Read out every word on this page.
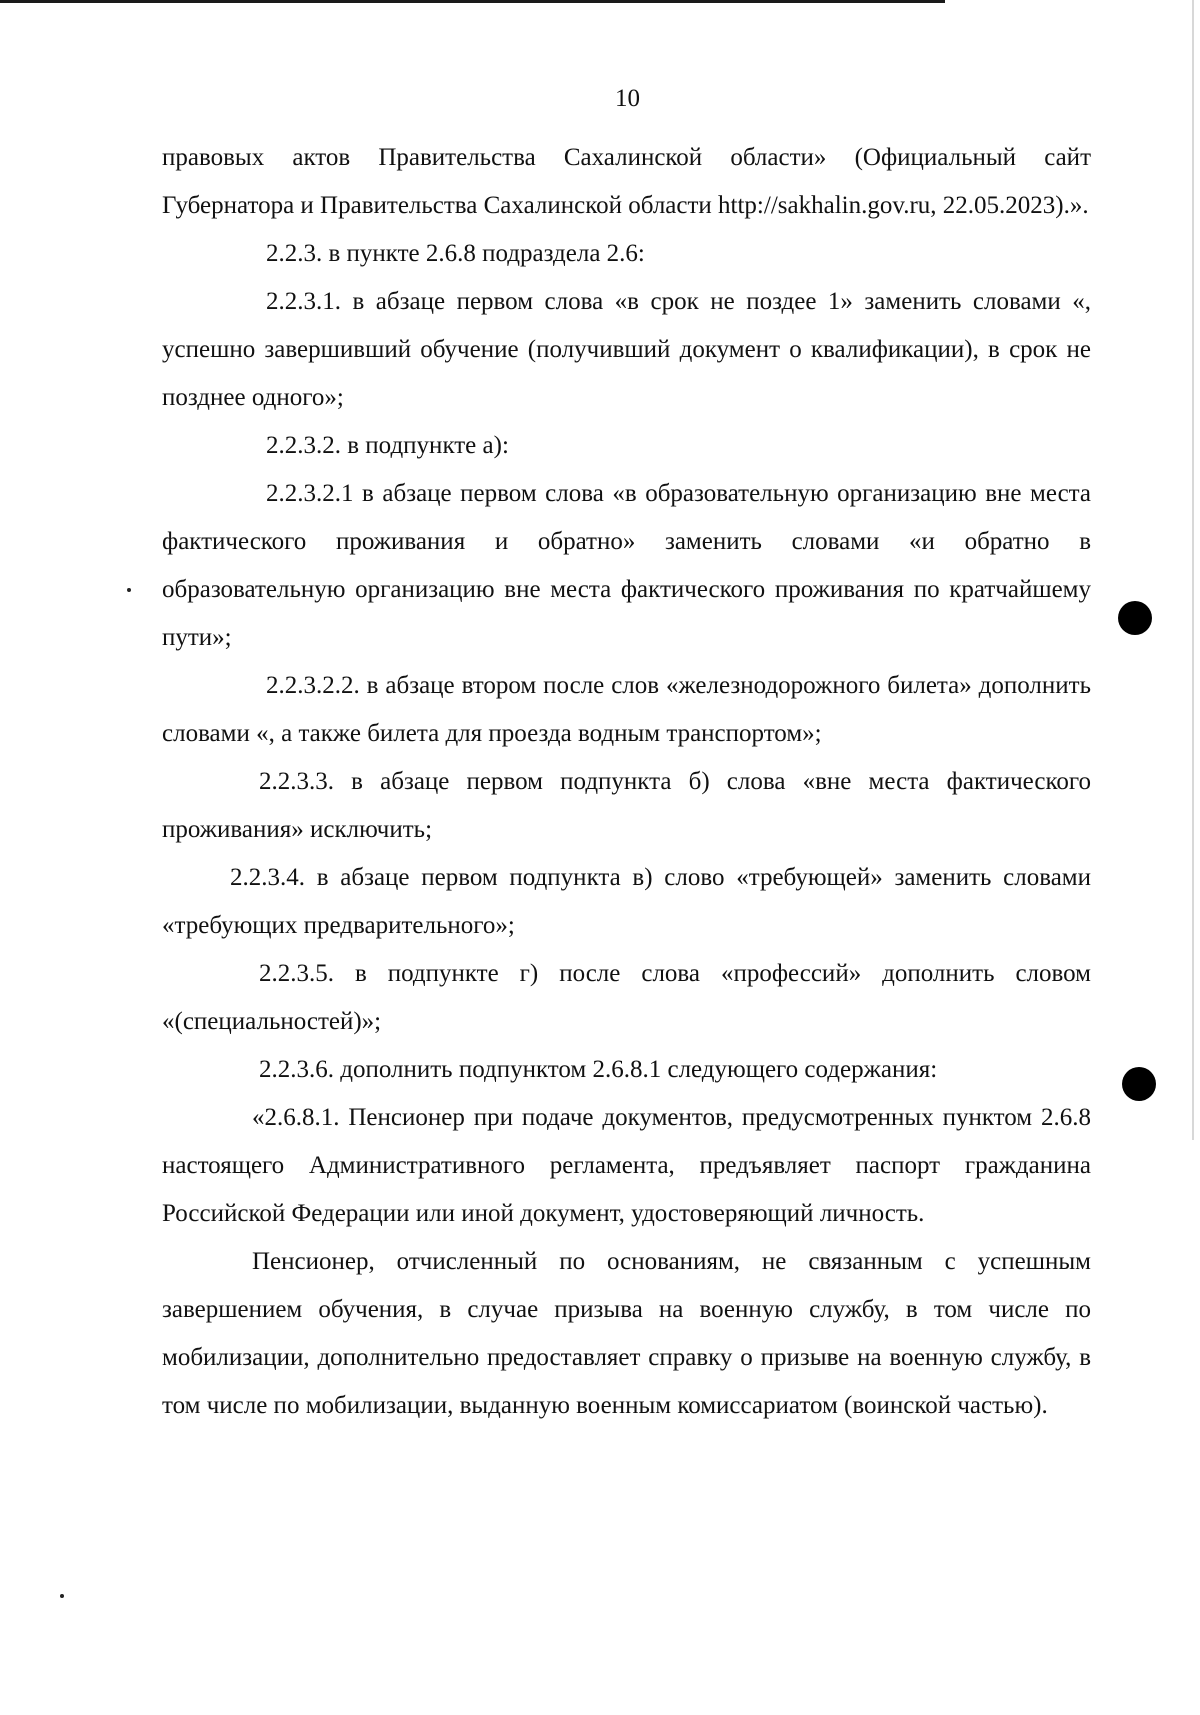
10

правовых актов Правительства Сахалинской области» (Официальный сайт Губернатора и Правительства Сахалинской области http://sakhalin.gov.ru, 22.05.2023).».

2.2.3. в пункте 2.6.8 подраздела 2.6:

2.2.3.1. в абзаце первом слова «в срок не поздее 1» заменить словами «, успешно завершивший обучение (получивший документ о квалификации), в срок не позднее одного»;

2.2.3.2. в подпункте а):

2.2.3.2.1 в абзаце первом слова «в образовательную организацию вне места фактического проживания и обратно» заменить словами «и обратно в образовательную организацию вне места фактического проживания по кратчайшему пути»;

2.2.3.2.2. в абзаце втором после слов «железнодорожного билета» дополнить словами «, а также билета для проезда водным транспортом»;

2.2.3.3. в абзаце первом подпункта б) слова «вне места фактического проживания» исключить;

2.2.3.4. в абзаце первом подпункта в) слово «требующей» заменить словами «требующих предварительного»;

2.2.3.5. в подпункте г) после слова «профессий» дополнить словом «(специальностей)»;

2.2.3.6. дополнить подпунктом 2.6.8.1 следующего содержания:

«2.6.8.1. Пенсионер при подаче документов, предусмотренных пунктом 2.6.8 настоящего Административного регламента, предъявляет паспорт гражданина Российской Федерации или иной документ, удостоверяющий личность.

Пенсионер, отчисленный по основаниям, не связанным с успешным завершением обучения, в случае призыва на военную службу, в том числе по мобилизации, дополнительно предоставляет справку о призыве на военную службу, в том числе по мобилизации, выданную военным комиссариатом (воинской частью).
